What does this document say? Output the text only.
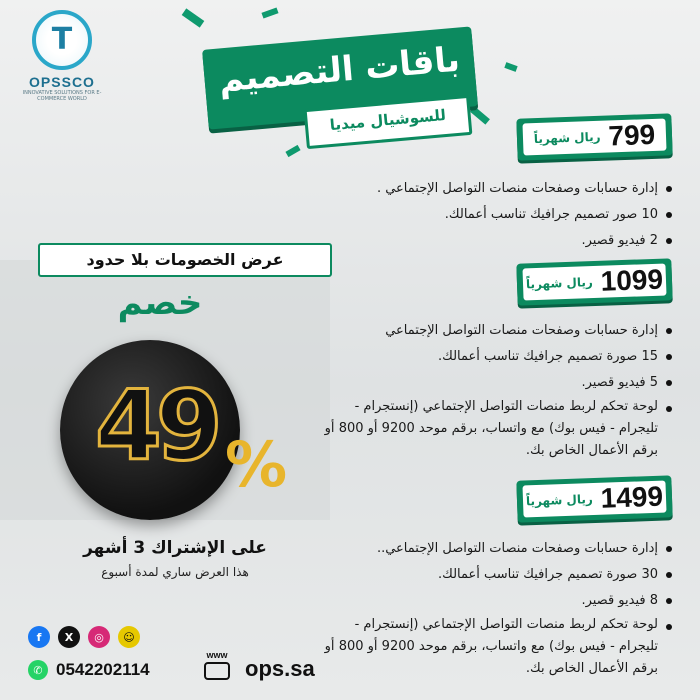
T
OPSSCO
INNOVATIVE SOLUTIONS FOR E-COMMERCE WORLD	باقات التصميم
للسوشيال ميديا	799
ريال شهرياً
إدارة حسابات وصفحات منصات التواصل الإجتماعي .
10 صور تصميم جرافيك تناسب أعمالك.
2 فيديو قصير.
1099
ريال شهرياً
إدارة حسابات وصفحات منصات التواصل الإجتماعي
15 صورة تصميم جرافيك تناسب أعمالك.
5 فيديو قصير.
لوحة تحكم لربط منصات التواصل الإجتماعي (إنستجرام - تليجرام - فيس بوك) مع واتساب، برقم موحد 9200 أو 800 أو برقم الأعمال الخاص بك.
1499
ريال شهرياً
إدارة حسابات وصفحات منصات التواصل الإجتماعي..
30 صورة تصميم جرافيك تناسب أعمالك.
8 فيديو قصير.
لوحة تحكم لربط منصات التواصل الإجتماعي (إنستجرام - تليجرام - فيس بوك) مع واتساب، برقم موحد 9200 أو 800 أو برقم الأعمال الخاص بك.
عرض الخصومات بلا حدود
خصم
49 %
على الإشتراك 3 أشهر
هذا العرض ساري لمدة أسبوع
f	X	◎	☺
✆ 0542202114
www
ops.sa
